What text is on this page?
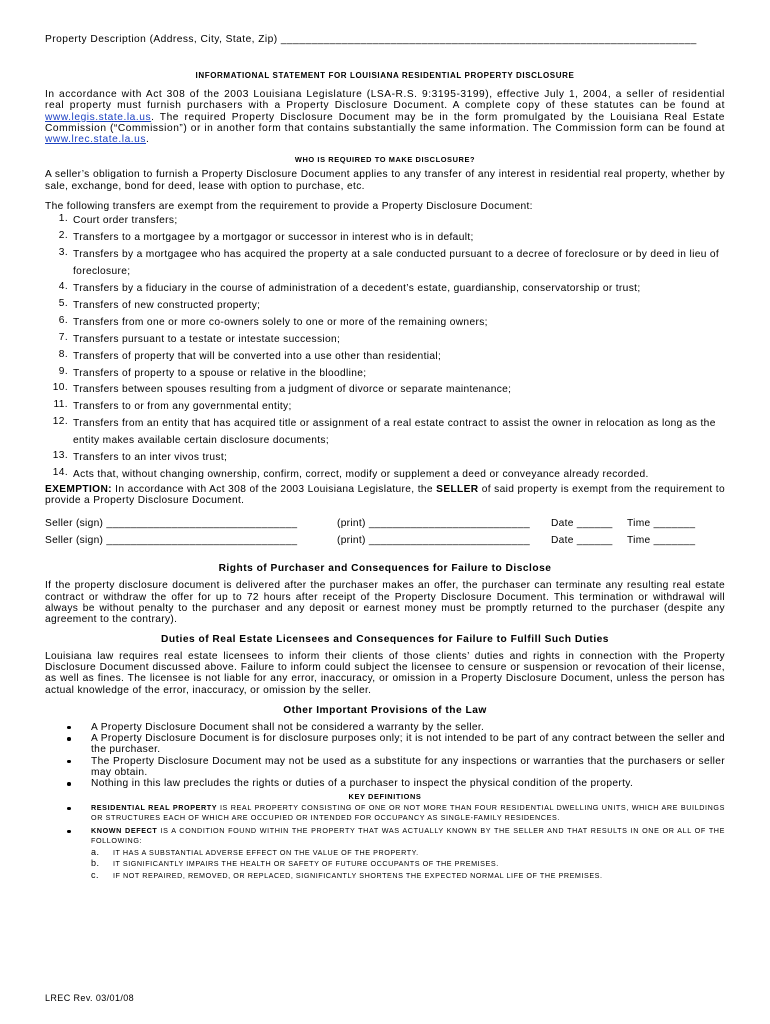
Property Description (Address, City, State, Zip) ____________________________________________________________________
INFORMATIONAL STATEMENT FOR LOUISIANA RESIDENTIAL PROPERTY DISCLOSURE

In accordance with Act 308 of the 2003 Louisiana Legislature (LSA-R.S. 9:3195-3199), effective July 1, 2004, a seller of residential real property must furnish purchasers with a Property Disclosure Document. A complete copy of these statutes can be found at www.legis.state.la.us. The required Property Disclosure Document may be in the form promulgated by the Louisiana Real Estate Commission (“Commission”) or in another form that contains substantially the same information. The Commission form can be found at www.lrec.state.la.us.

WHO IS REQUIRED TO MAKE DISCLOSURE?

A seller’s obligation to furnish a Property Disclosure Document applies to any transfer of any interest in residential real property, whether by sale, exchange, bond for deed, lease with option to purchase, etc.

The following transfers are exempt from the requirement to provide a Property Disclosure Document:

1. Court order transfers;
2. Transfers to a mortgagee by a mortgagor or successor in interest who is in default;
3. Transfers by a mortgagee who has acquired the property at a sale conducted pursuant to a decree of foreclosure or by deed in lieu of foreclosure;
4. Transfers by a fiduciary in the course of administration of a decedent’s estate, guardianship, conservatorship or trust;
5. Transfers of new constructed property;
6. Transfers from one or more co-owners solely to one or more of the remaining owners;
7. Transfers pursuant to a testate or intestate succession;
8. Transfers of property that will be converted into a use other than residential;
9. Transfers of property to a spouse or relative in the bloodline;
10. Transfers between spouses resulting from a judgment of divorce or separate maintenance;
11. Transfers to or from any governmental entity;
12. Transfers from an entity that has acquired title or assignment of a real estate contract to assist the owner in relocation as long as the entity makes available certain disclosure documents;
13. Transfers to an inter vivos trust;
14. Acts that, without changing ownership, confirm, correct, modify or supplement a deed or conveyance already recorded.

EXEMPTION: In accordance with Act 308 of the 2003 Louisiana Legislature, the SELLER of said property is exempt from the requirement to provide a Property Disclosure Document.

Seller (sign) ________________________________	(print) ___________________________	Date ______	Time _______
Seller (sign) ________________________________	(print) ___________________________	Date ______	Time _______
Rights of Purchaser and Consequences for Failure to Disclose

If the property disclosure document is delivered after the purchaser makes an offer, the purchaser can terminate any resulting real estate contract or withdraw the offer for up to 72 hours after receipt of the Property Disclosure Document. This termination or withdrawal will always be without penalty to the purchaser and any deposit or earnest money must be promptly returned to the purchaser (despite any agreement to the contrary).

Duties of Real Estate Licensees and Consequences for Failure to Fulfill Such Duties

Louisiana law requires real estate licensees to inform their clients of those clients’ duties and rights in connection with the Property Disclosure Document discussed above. Failure to inform could subject the licensee to censure or suspension or revocation of their license, as well as fines. The licensee is not liable for any error, inaccuracy, or omission in a Property Disclosure Document, unless the person has actual knowledge of the error, inaccuracy, or omission by the seller.

Other Important Provisions of the Law
A Property Disclosure Document shall not be considered a warranty by the seller.
A Property Disclosure Document is for disclosure purposes only; it is not intended to be part of any contract between the seller and the purchaser.
The Property Disclosure Document may not be used as a substitute for any inspections or warranties that the purchasers or seller may obtain.
Nothing in this law precludes the rights or duties of a purchaser to inspect the physical condition of the property.
KEY DEFINITIONS
RESIDENTIAL REAL PROPERTY IS REAL PROPERTY CONSISTING OF ONE OR NOT MORE THAN FOUR RESIDENTIAL DWELLING UNITS, WHICH ARE BUILDINGS OR STRUCTURES EACH OF WHICH ARE OCCUPIED OR INTENDED FOR OCCUPANCY AS SINGLE-FAMILY RESIDENCES.
KNOWN DEFECT IS A CONDITION FOUND WITHIN THE PROPERTY THAT WAS ACTUALLY KNOWN BY THE SELLER AND THAT RESULTS IN ONE OR ALL OF THE FOLLOWING:
a.	IT HAS A SUBSTANTIAL ADVERSE EFFECT ON THE VALUE OF THE PROPERTY.
b.	IT SIGNIFICANTLY IMPAIRS THE HEALTH OR SAFETY OF FUTURE OCCUPANTS OF THE PREMISES.
c.	IF NOT REPAIRED, REMOVED, OR REPLACED, SIGNIFICANTLY SHORTENS THE EXPECTED NORMAL LIFE OF THE PREMISES.
LREC Rev. 03/01/08
